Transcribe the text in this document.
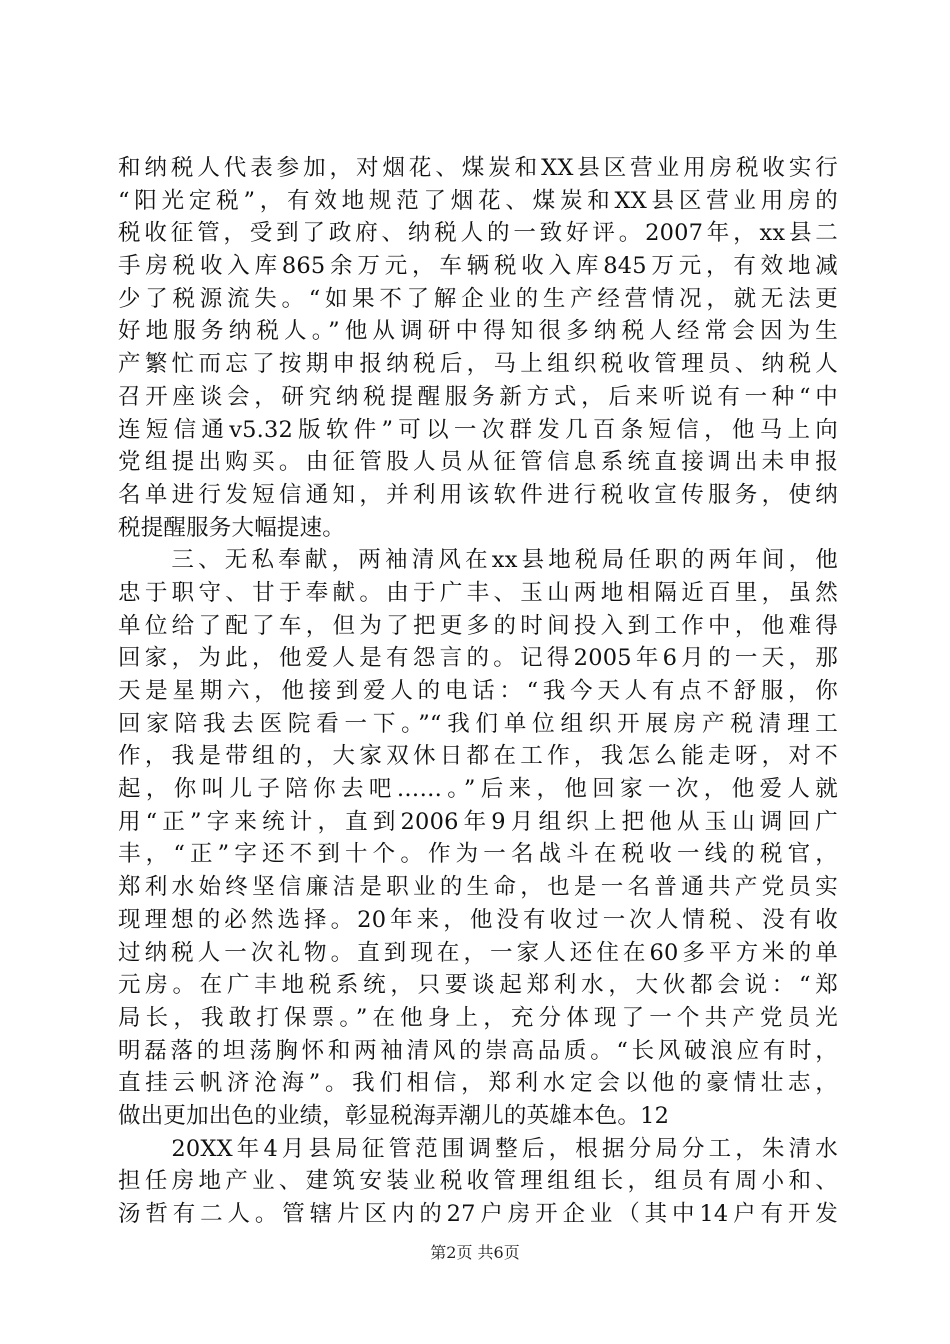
和纳税人代表参加，对烟花、煤炭和XX县区营业用房税收实行
“阳光定税”，有效地规范了烟花、煤炭和XX县区营业用房的
税收征管，受到了政府、纳税人的一致好评。2007年，xx县二
手房税收入库865余万元，车辆税收入库845万元，有效地减
少了税源流失。“如果不了解企业的生产经营情况，就无法更
好地服务纳税人。”他从调研中得知很多纳税人经常会因为生
产繁忙而忘了按期申报纳税后，马上组织税收管理员、纳税人
召开座谈会，研究纳税提醒服务新方式，后来听说有一种“中
连短信通v5.32版软件”可以一次群发几百条短信，他马上向
党组提出购买。由征管股人员从征管信息系统直接调出未申报
名单进行发短信通知，并利用该软件进行税收宣传服务，使纳
税提醒服务大幅提速。
　　三、无私奉献，两袖清风在xx县地税局任职的两年间，他
忠于职守、甘于奉献。由于广丰、玉山两地相隔近百里，虽然
单位给了配了车，但为了把更多的时间投入到工作中，他难得
回家，为此，他爱人是有怨言的。记得2005年6月的一天，那
天是星期六，他接到爱人的电话：“我今天人有点不舒服，你
回家陪我去医院看一下。”“我们单位组织开展房产税清理工
作，我是带组的，大家双休日都在工作，我怎么能走呀，对不
起，你叫儿子陪你去吧……。”后来，他回家一次，他爱人就
用“正”字来统计，直到2006年9月组织上把他从玉山调回广
丰，“正”字还不到十个。作为一名战斗在税收一线的税官，
郑利水始终坚信廉洁是职业的生命，也是一名普通共产党员实
现理想的必然选择。20年来，他没有收过一次人情税、没有收
过纳税人一次礼物。直到现在，一家人还住在60多平方米的单
元房。在广丰地税系统，只要谈起郑利水，大伙都会说：“郑
局长，我敢打保票。”在他身上，充分体现了一个共产党员光
明磊落的坦荡胸怀和两袖清风的崇高品质。“长风破浪应有时，
直挂云帆济沧海”。我们相信，郑利水定会以他的豪情壮志，
做出更加出色的业绩，彰显税海弄潮儿的英雄本色。12
　　20XX年4月县局征管范围调整后，根据分局分工，朱清水
担任房地产业、建筑安装业税收管理组组长，组员有周小和、
汤哲有二人。管辖片区内的27户房开企业（其中14户有开发
第2页 共6页
